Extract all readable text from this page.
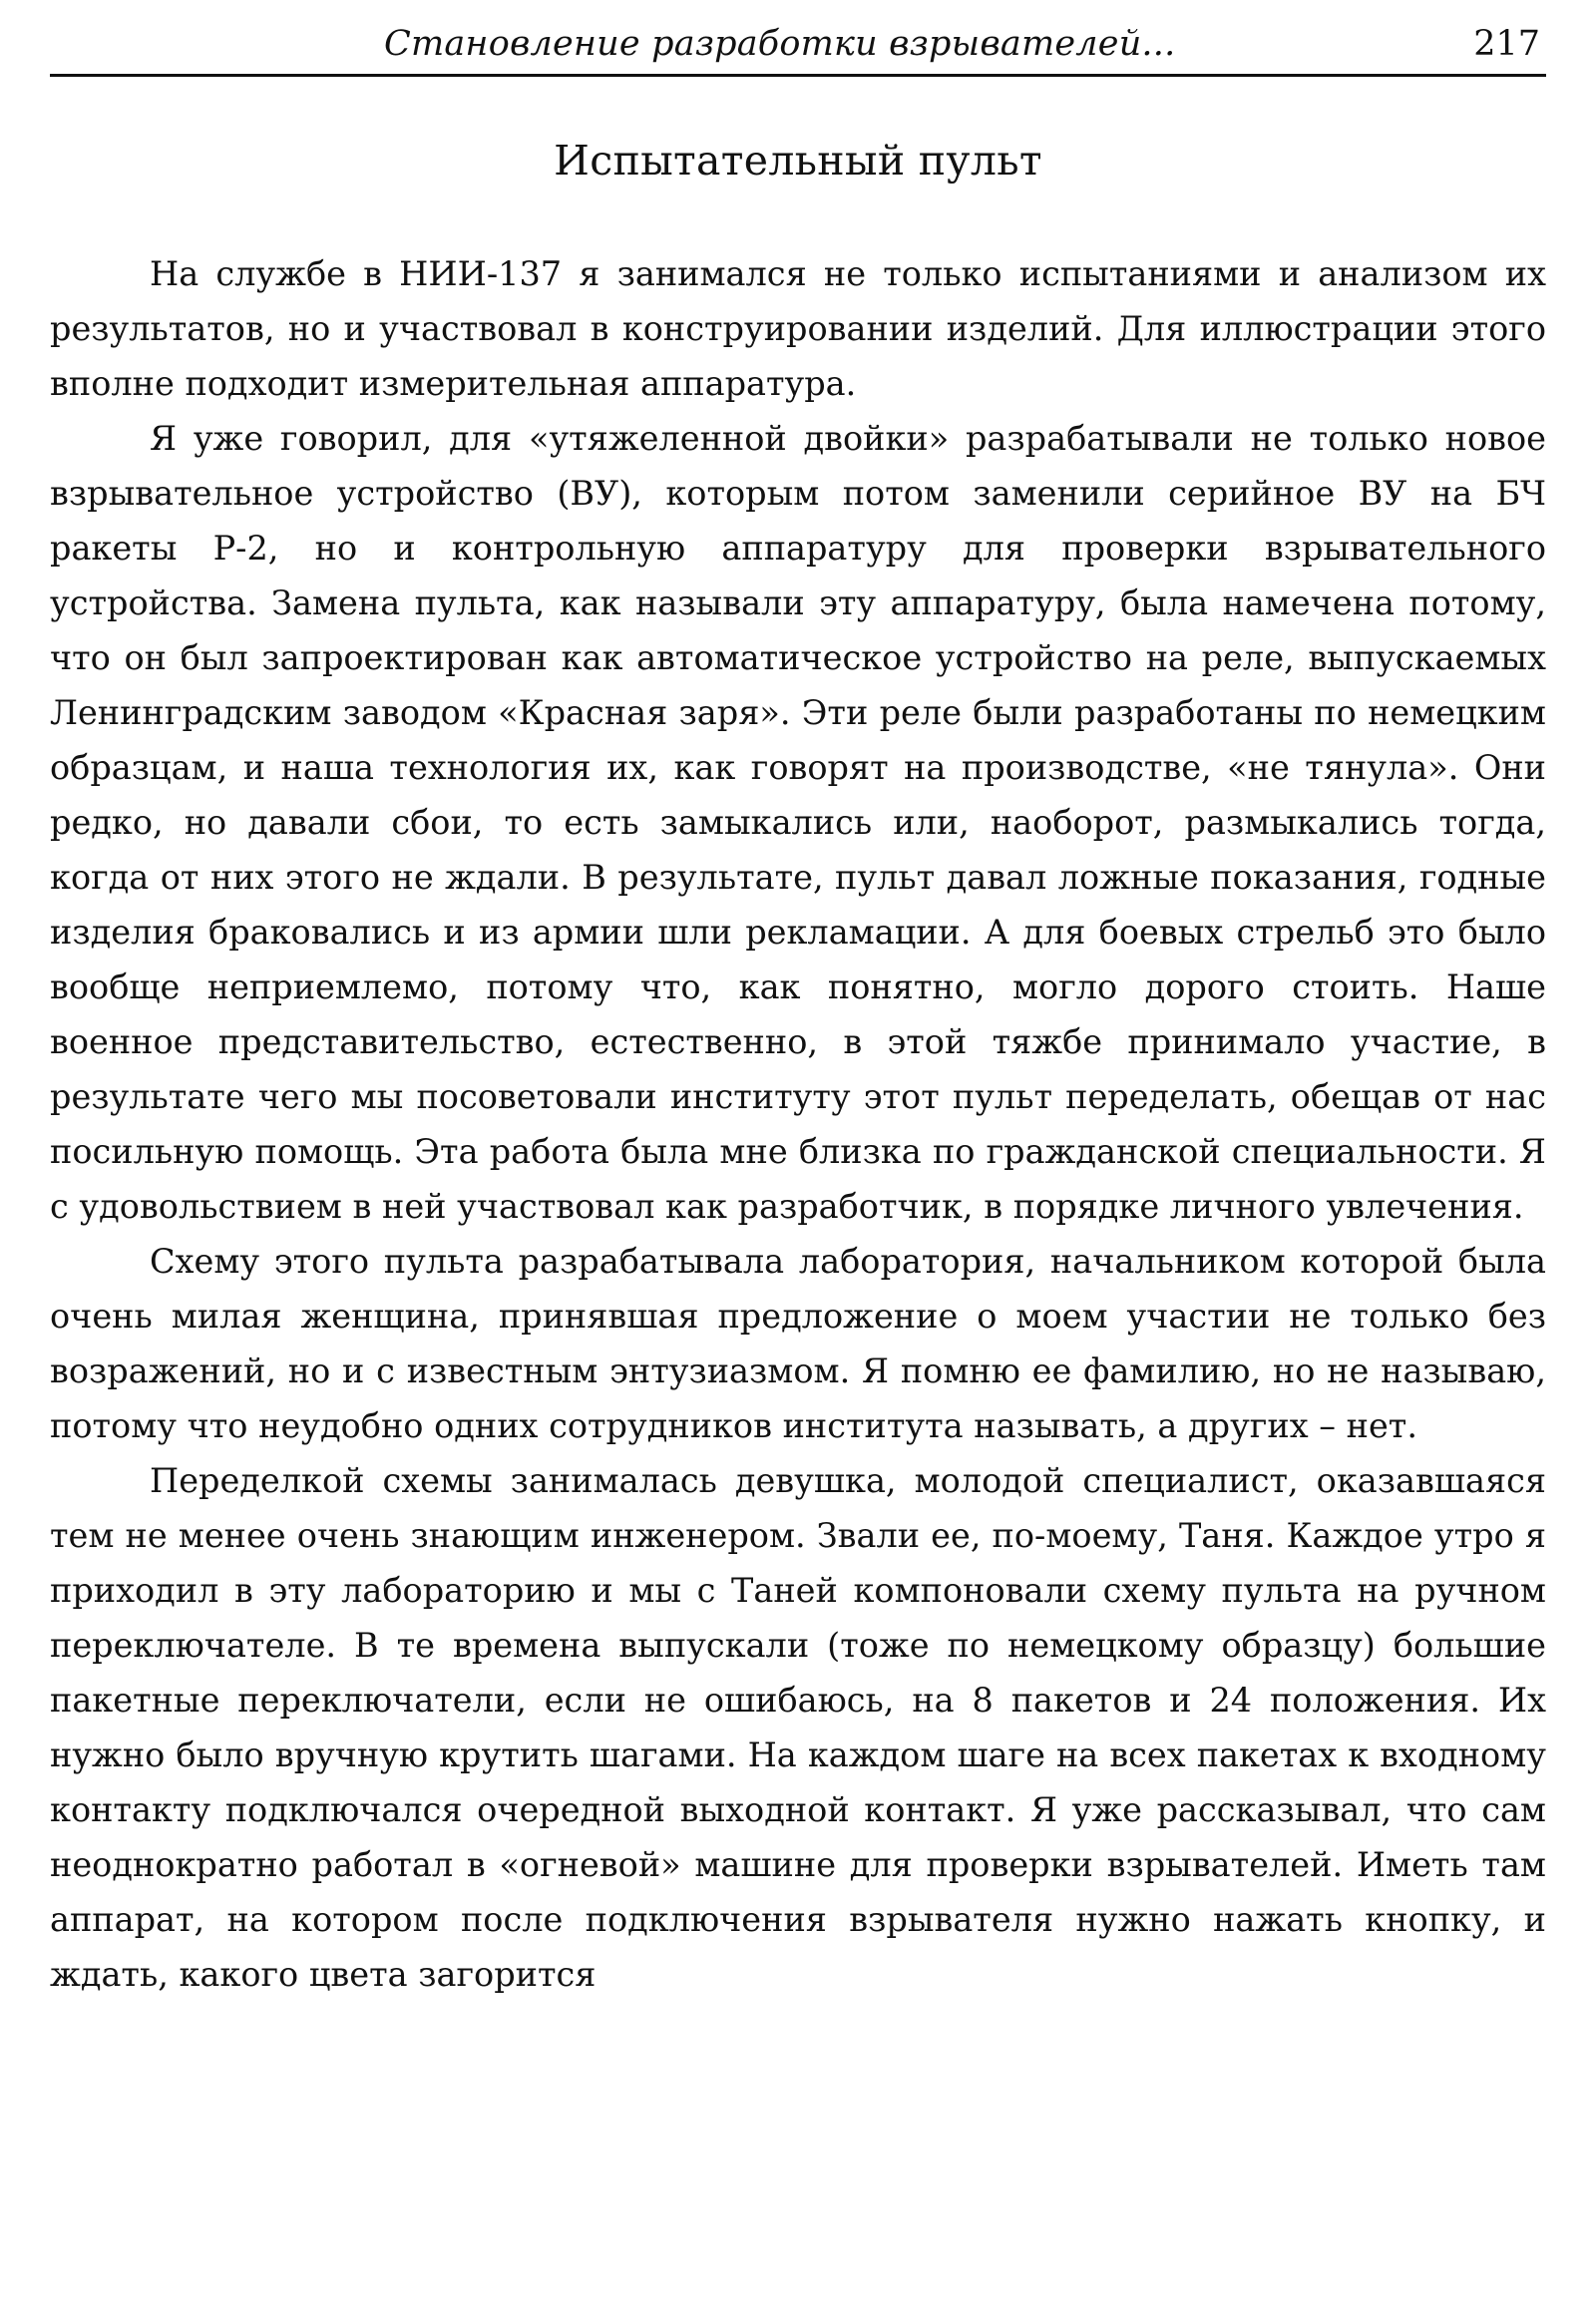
Становление разработки взрывателей...	217
Испытательный пульт

На службе в НИИ-137 я занимался не только испытаниями и анализом их результатов, но и участвовал в конструировании изделий. Для иллюстрации этого вполне подходит измерительная аппаратура.

Я уже говорил, для «утяжеленной двойки» разрабатывали не только новое взрывательное устройство (ВУ), которым потом заменили серийное ВУ на БЧ ракеты Р-2, но и контрольную аппаратуру для проверки взрывательного устройства. Замена пульта, как называли эту аппаратуру, была намечена потому, что он был запроектирован как автоматическое устройство на реле, выпускаемых Ленинградским заводом «Красная заря». Эти реле были разработаны по немецким образцам, и наша технология их, как говорят на производстве, «не тянула». Они редко, но давали сбои, то есть замыкались или, наоборот, размыкались тогда, когда от них этого не ждали. В результате, пульт давал ложные показания, годные изделия браковались и из армии шли рекламации. А для боевых стрельб это было вообще неприемлемо, потому что, как понятно, могло дорого стоить. Наше военное представительство, естественно, в этой тяжбе принимало участие, в результате чего мы посоветовали институту этот пульт переделать, обещав от нас посильную помощь. Эта работа была мне близка по гражданской специальности. Я с удовольствием в ней участвовал как разработчик, в порядке личного увлечения.

Схему этого пульта разрабатывала лаборатория, начальником которой была очень милая женщина, принявшая предложение о моем участии не только без возражений, но и с известным энтузиазмом. Я помню ее фамилию, но не называю, потому что неудобно одних сотрудников института называть, а других – нет.

Переделкой схемы занималась девушка, молодой специалист, оказавшаяся тем не менее очень знающим инженером. Звали ее, по-моему, Таня. Каждое утро я приходил в эту лабораторию и мы с Таней компоновали схему пульта на ручном переключателе. В те времена выпускали (тоже по немецкому образцу) большие пакетные переключатели, если не ошибаюсь, на 8 пакетов и 24 положения. Их нужно было вручную крутить шагами. На каждом шаге на всех пакетах к входному контакту подключался очередной выходной контакт. Я уже рассказывал, что сам неоднократно работал в «огневой» машине для проверки взрывателей. Иметь там аппарат, на котором после подключения взрывателя нужно нажать кнопку, и ждать, какого цвета загорится
